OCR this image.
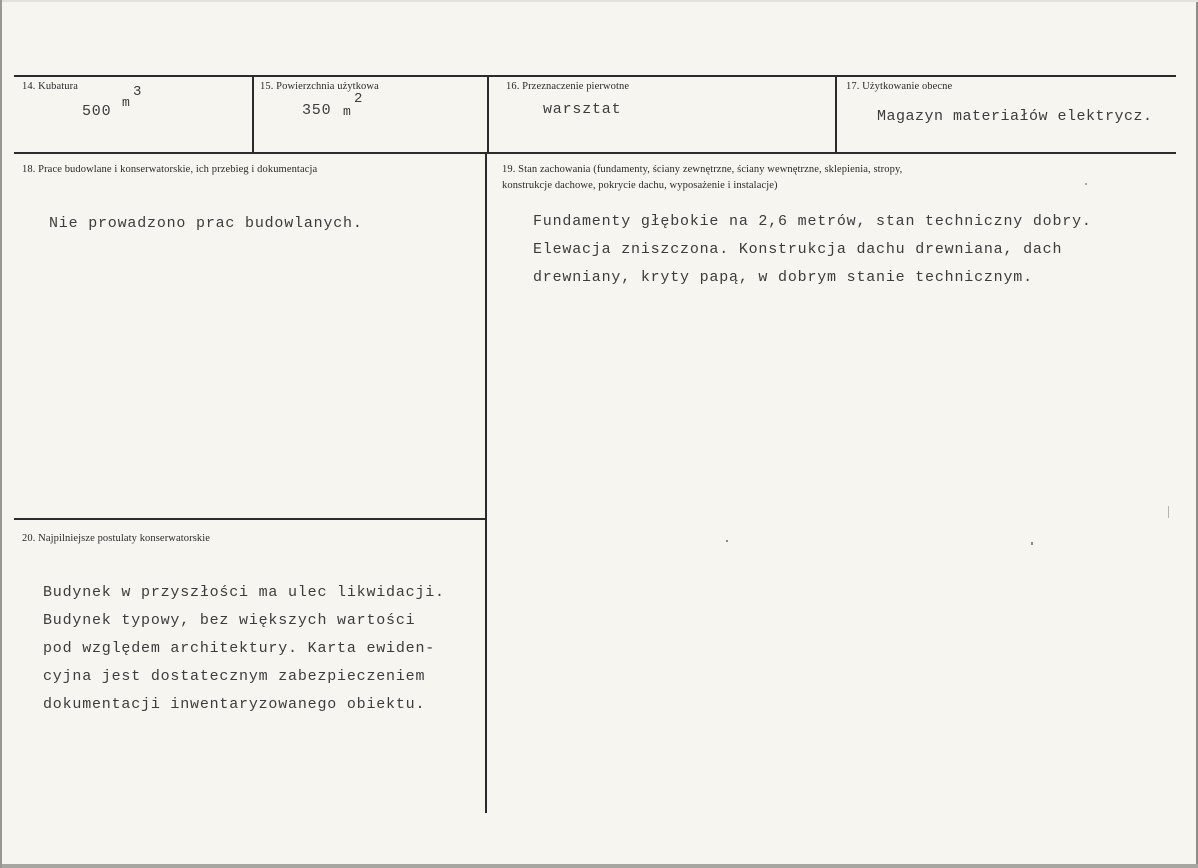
14. Kubatura
500
m
3	15. Powierzchnia użytkowa
350 m
2
16. Przeznaczenie pierwotne
warsztat
17. Użytkowanie obecne
Magazyn materiałów elektrycz.
18. Prace budowlane i konserwatorskie, ich przebieg i dokumentacja
Nie prowadzono prac budowlanych.
19. Stan zachowania (fundamenty, ściany zewnętrzne, ściany wewnętrzne, sklepienia, stropy,
konstrukcje dachowe, pokrycie dachu, wyposażenie i instalacje)
Fundamenty głębokie na 2,6 metrów, stan techniczny dobry.
Elewacja zniszczona. Konstrukcja dachu drewniana, dach
drewniany, kryty papą, w dobrym stanie technicznym.
20. Najpilniejsze postulaty konserwatorskie
Budynek w przyszłości ma ulec likwidacji.
Budynek typowy, bez większych wartości
pod względem architektury. Karta ewiden-
cyjna jest dostatecznym zabezpieczeniem
dokumentacji inwentaryzowanego obiektu.
